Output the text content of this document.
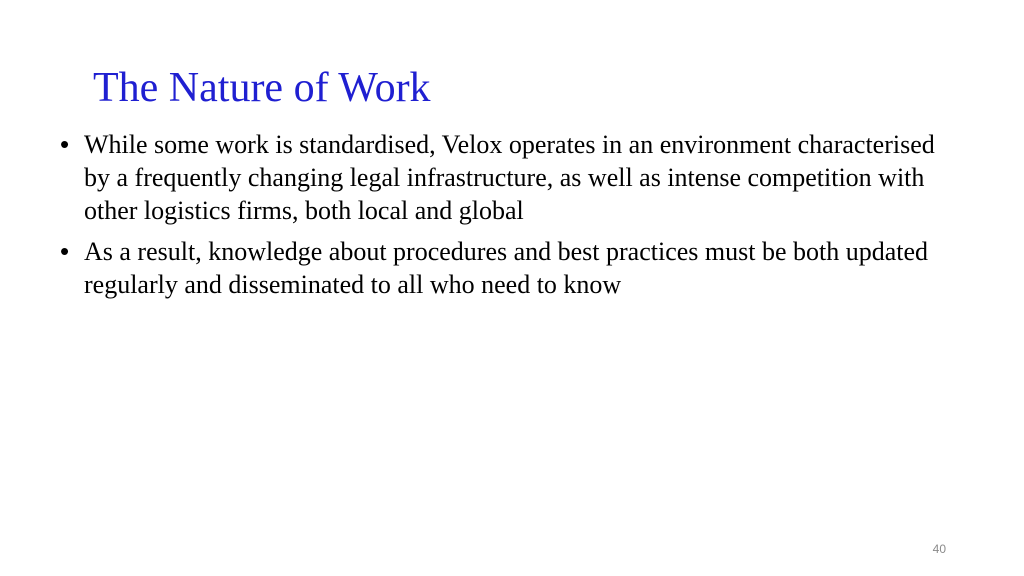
The Nature of Work
• While some work is standardised, Velox operates in an environment characterised by a frequently changing legal infrastructure, as well as intense competition with other logistics firms, both local and global
• As a result, knowledge about procedures and best practices must be both updated regularly and disseminated to all who need to know
40
